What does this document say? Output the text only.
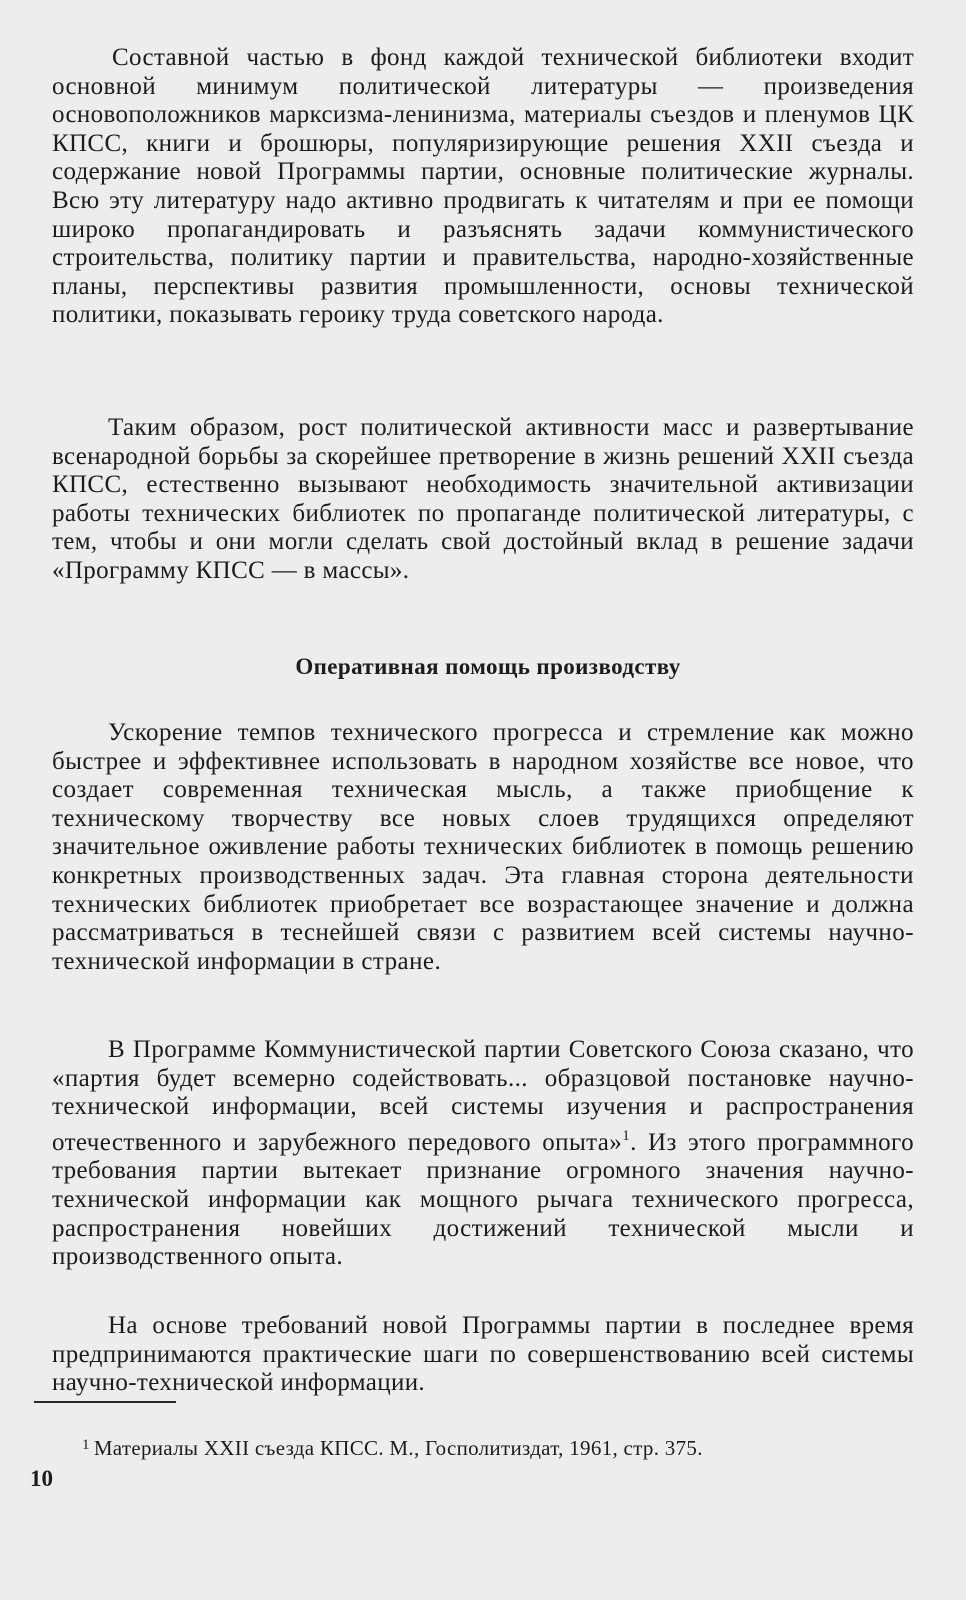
Составной частью в фонд каждой технической библиотеки входит основной минимум политической литературы — произведения основоположников марксизма-ленинизма, материалы съездов и пленумов ЦК КПСС, книги и брошюры, популяризирующие решения XXII съезда и содержание новой Программы партии, основные политические журналы. Всю эту литературу надо активно продвигать к читателям и при ее помощи широко пропагандировать и разъяснять задачи коммунистического строительства, политику партии и правительства, народно-хозяйственные планы, перспективы развития промышленности, основы технической политики, показывать героику труда советского народа.

Таким образом, рост политической активности масс и развертывание всенародной борьбы за скорейшее претворение в жизнь решений XXII съезда КПСС, естественно вызывают необходимость значительной активизации работы технических библиотек по пропаганде политической литературы, с тем, чтобы и они могли сделать свой достойный вклад в решение задачи «Программу КПСС — в массы».

Оперативная помощь производству

Ускорение темпов технического прогресса и стремление как можно быстрее и эффективнее использовать в народном хозяйстве все новое, что создает современная техническая мысль, а также приобщение к техническому творчеству все новых слоев трудящихся определяют значительное оживление работы технических библиотек в помощь решению конкретных производственных задач. Эта главная сторона деятельности технических библиотек приобретает все возрастающее значение и должна рассматриваться в теснейшей связи с развитием всей системы научно-технической информации в стране.

В Программе Коммунистической партии Советского Союза сказано, что «партия будет всемерно содействовать... образцовой постановке научно-технической информации, всей системы изучения и распространения отечественного и зарубежного передового опыта»$^1$. Из этого программного требования партии вытекает признание огромного значения научно-технической информации как мощного рычага технического прогресса, распространения новейших достижений технической мысли и производственного опыта.

На основе требований новой Программы партии в последнее время предпринимаются практические шаги по совершенствованию всей системы научно-технической информации.

$^1$ Материалы XXII съезда КПСС. М., Госполитиздат, 1961, стр. 375.

10
